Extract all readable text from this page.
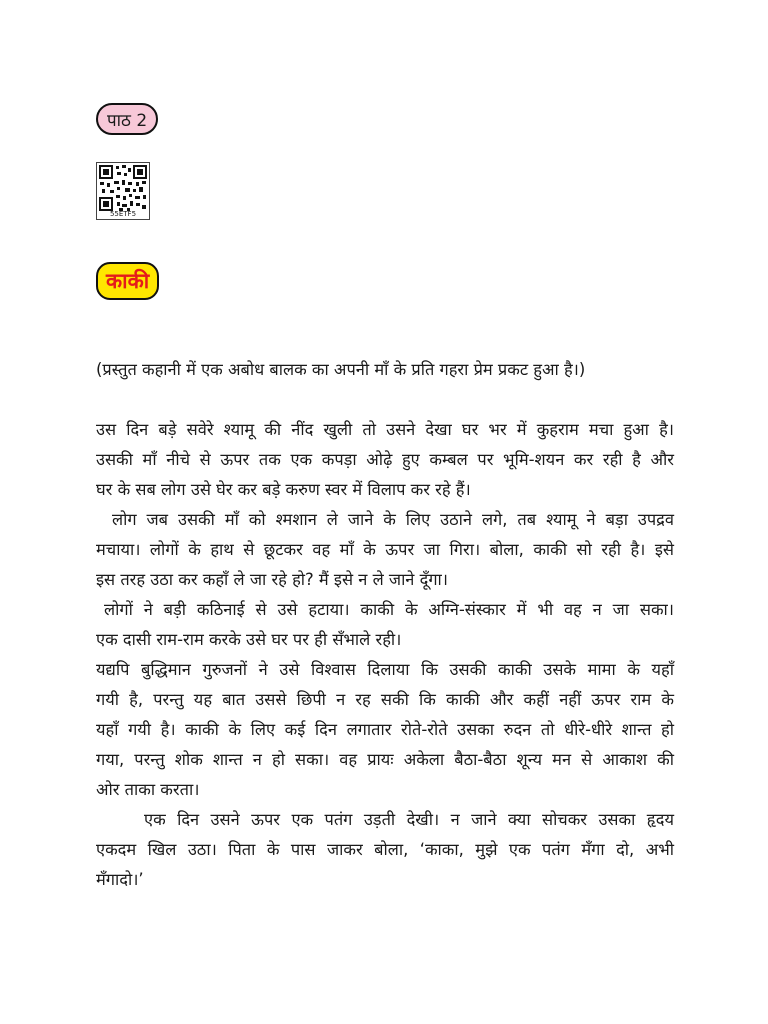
पाठ 2
55ETF5
काकी
(प्रस्तुत कहानी में एक अबोध बालक का अपनी माँ के प्रति गहरा प्रेम प्रकट हुआ है।)
उस दिन बड़े सवेरे श्यामू की नींद खुली तो उसने देखा घर भर में कुहराम मचा हुआ है।
उसकी माँ नीचे से ऊपर तक एक कपड़ा ओढ़े हुए कम्बल पर भूमि-शयन कर रही है और
घर के सब लोग उसे घेर कर बड़े करुण स्वर में विलाप कर रहे हैं।
लोग जब उसकी माँ को श्मशान ले जाने के लिए उठाने लगे, तब श्यामू ने बड़ा उपद्रव
मचाया। लोगों के हाथ से छूटकर वह माँ के ऊपर जा गिरा। बोला, काकी सो रही है। इसे
इस तरह उठा कर कहाँ ले जा रहे हो? मैं इसे न ले जाने दूँगा।
लोगों ने बड़ी कठिनाई से उसे हटाया। काकी के अग्नि-संस्कार में भी वह न जा सका।
एक दासी राम-राम करके उसे घर पर ही सँभाले रही।
यद्यपि बुद्धिमान गुरुजनों ने उसे विश्वास दिलाया कि उसकी काकी उसके मामा के यहाँ
गयी है, परन्तु यह बात उससे छिपी न रह सकी कि काकी और कहीं नहीं ऊपर राम के
यहाँ गयी है। काकी के लिए कई दिन लगातार रोते-रोते उसका रुदन तो धीरे-धीरे शान्त हो
गया, परन्तु शोक शान्त न हो सका। वह प्रायः अकेला बैठा-बैठा शून्य मन से आकाश की
ओर ताका करता।
एक दिन उसने ऊपर एक पतंग उड़ती देखी। न जाने क्या सोचकर उसका हृदय
एकदम खिल उठा। पिता के पास जाकर बोला, ‘काका, मुझे एक पतंग मँगा दो, अभी
मँगादो।’
